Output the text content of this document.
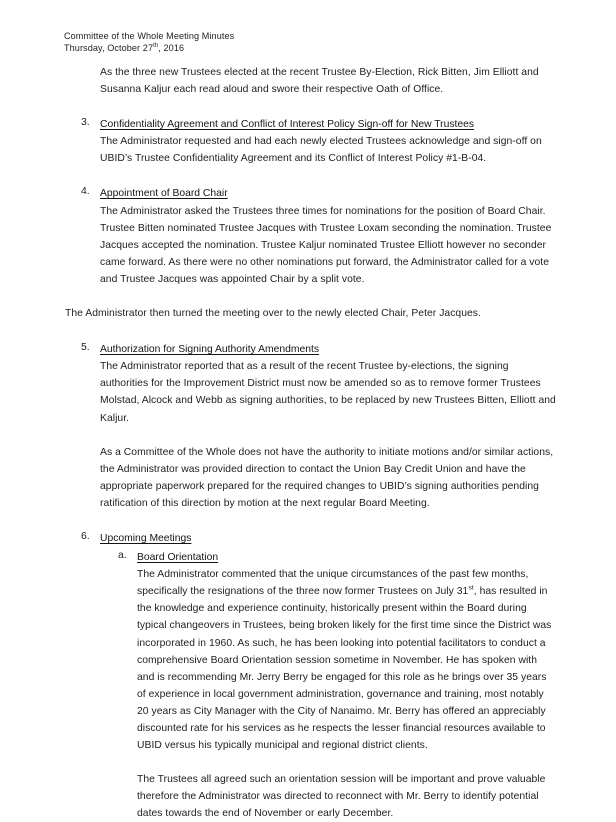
Committee of the Whole Meeting Minutes
Thursday, October 27th, 2016
As the three new Trustees elected at the recent Trustee By-Election, Rick Bitten, Jim Elliott and Susanna Kaljur each read aloud and swore their respective Oath of Office.
3.	Confidentiality Agreement and Conflict of Interest Policy Sign-off for New Trustees
The Administrator requested and had each newly elected Trustees acknowledge and sign-off on UBID’s Trustee Confidentiality Agreement and its Conflict of Interest Policy #1-B-04.
4.	Appointment of Board Chair
The Administrator asked the Trustees three times for nominations for the position of Board Chair. Trustee Bitten nominated Trustee Jacques with Trustee Loxam seconding the nomination. Trustee Jacques accepted the nomination. Trustee Kaljur nominated Trustee Elliott however no seconder came forward. As there were no other nominations put forward, the Administrator called for a vote and Trustee Jacques was appointed Chair by a split vote.
The Administrator then turned the meeting over to the newly elected Chair, Peter Jacques.
5.	Authorization for Signing Authority Amendments
The Administrator reported that as a result of the recent Trustee by-elections, the signing authorities for the Improvement District must now be amended so as to remove former Trustees Molstad, Alcock and Webb as signing authorities, to be replaced by new Trustees Bitten, Elliott and Kaljur.
As a Committee of the Whole does not have the authority to initiate motions and/or similar actions, the Administrator was provided direction to contact the Union Bay Credit Union and have the appropriate paperwork prepared for the required changes to UBID’s signing authorities pending ratification of this direction by motion at the next regular Board Meeting.
6.	Upcoming Meetings
a.	Board Orientation
The Administrator commented that the unique circumstances of the past few months, specifically the resignations of the three now former Trustees on July 31st, has resulted in the knowledge and experience continuity, historically present within the Board during typical changeovers in Trustees, being broken likely for the first time since the District was incorporated in 1960. As such, he has been looking into potential facilitators to conduct a comprehensive Board Orientation session sometime in November. He has spoken with and is recommending Mr. Jerry Berry be engaged for this role as he brings over 35 years of experience in local government administration, governance and training, most notably 20 years as City Manager with the City of Nanaimo. Mr. Berry has offered an appreciably discounted rate for his services as he respects the lesser financial resources available to UBID versus his typically municipal and regional district clients.
The Trustees all agreed such an orientation session will be important and prove valuable therefore the Administrator was directed to reconnect with Mr. Berry to identify potential dates towards the end of November or early December.
